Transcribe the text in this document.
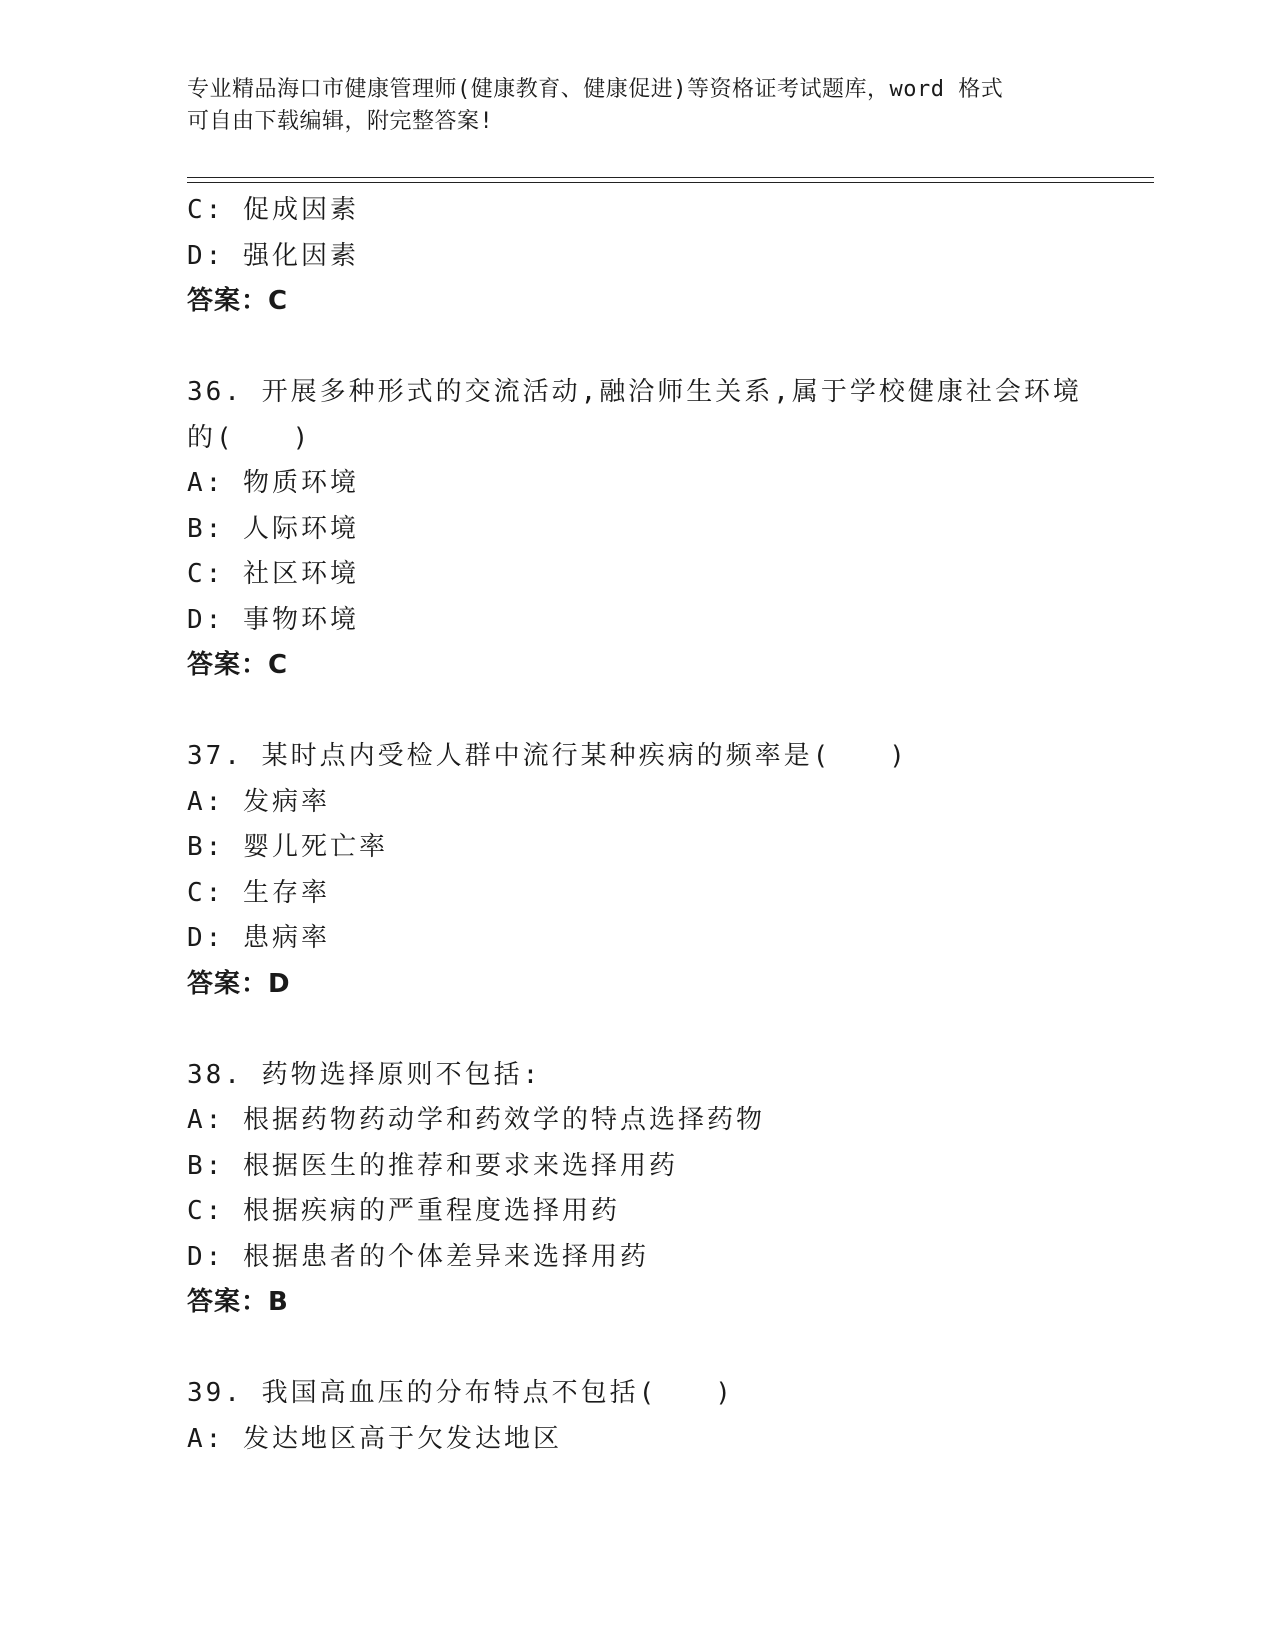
专业精品海口市健康管理师(健康教育、健康促进)等资格证考试题库，word 格式
可自由下载编辑，附完整答案!
C: 促成因素
D: 强化因素
答案：C
36. 开展多种形式的交流活动,融洽师生关系,属于学校健康社会环境
的(　　)
A: 物质环境
B: 人际环境
C: 社区环境
D: 事物环境
答案：C
37. 某时点内受检人群中流行某种疾病的频率是(　　)
A: 发病率
B: 婴儿死亡率
C: 生存率
D: 患病率
答案：D
38. 药物选择原则不包括:
A: 根据药物药动学和药效学的特点选择药物
B: 根据医生的推荐和要求来选择用药
C: 根据疾病的严重程度选择用药
D: 根据患者的个体差异来选择用药
答案：B
39. 我国高血压的分布特点不包括(　　)
A: 发达地区高于欠发达地区
